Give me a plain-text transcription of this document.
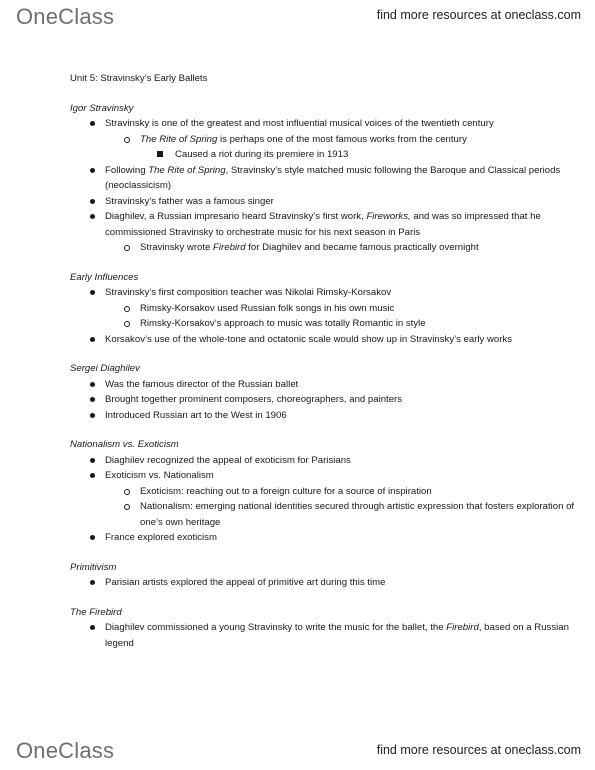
OneClass	find more resources at oneclass.com
Unit 5: Stravinsky’s Early Ballets
Igor Stravinsky
Stravinsky is one of the greatest and most influential musical voices of the twentieth century
The Rite of Spring is perhaps one of the most famous works from the century
Caused a riot during its premiere in 1913
Following The Rite of Spring, Stravinsky’s style matched music following the Baroque and Classical periods (neoclassicism)
Stravinsky’s father was a famous singer
Diaghilev, a Russian impresario heard Stravinsky’s first work, Fireworks, and was so impressed that he commissioned Stravinsky to orchestrate music for his next season in Paris
Stravinsky wrote Firebird for Diaghilev and became famous practically overnight
Early Influences
Stravinsky’s first composition teacher was Nikolai Rimsky-Korsakov
Rimsky-Korsakov used Russian folk songs in his own music
Rimsky-Korsakov’s approach to music was totally Romantic in style
Korsakov’s use of the whole-tone and octatonic scale would show up in Stravinsky’s early works
Sergei Diaghilev
Was the famous director of the Russian ballet
Brought together prominent composers, choreographers, and painters
Introduced Russian art to the West in 1906
Nationalism vs. Exoticism
Diaghilev recognized the appeal of exoticism for Parisians
Exoticism vs. Nationalism
Exoticism: reaching out to a foreign culture for a source of inspiration
Nationalism: emerging national identities secured through artistic expression that fosters exploration of one’s own heritage
France explored exoticism
Primitivism
Parisian artists explored the appeal of primitive art during this time
The Firebird
Diaghilev commissioned a young Stravinsky to write the music for the ballet, the Firebird, based on a Russian legend
OneClass	find more resources at oneclass.com
